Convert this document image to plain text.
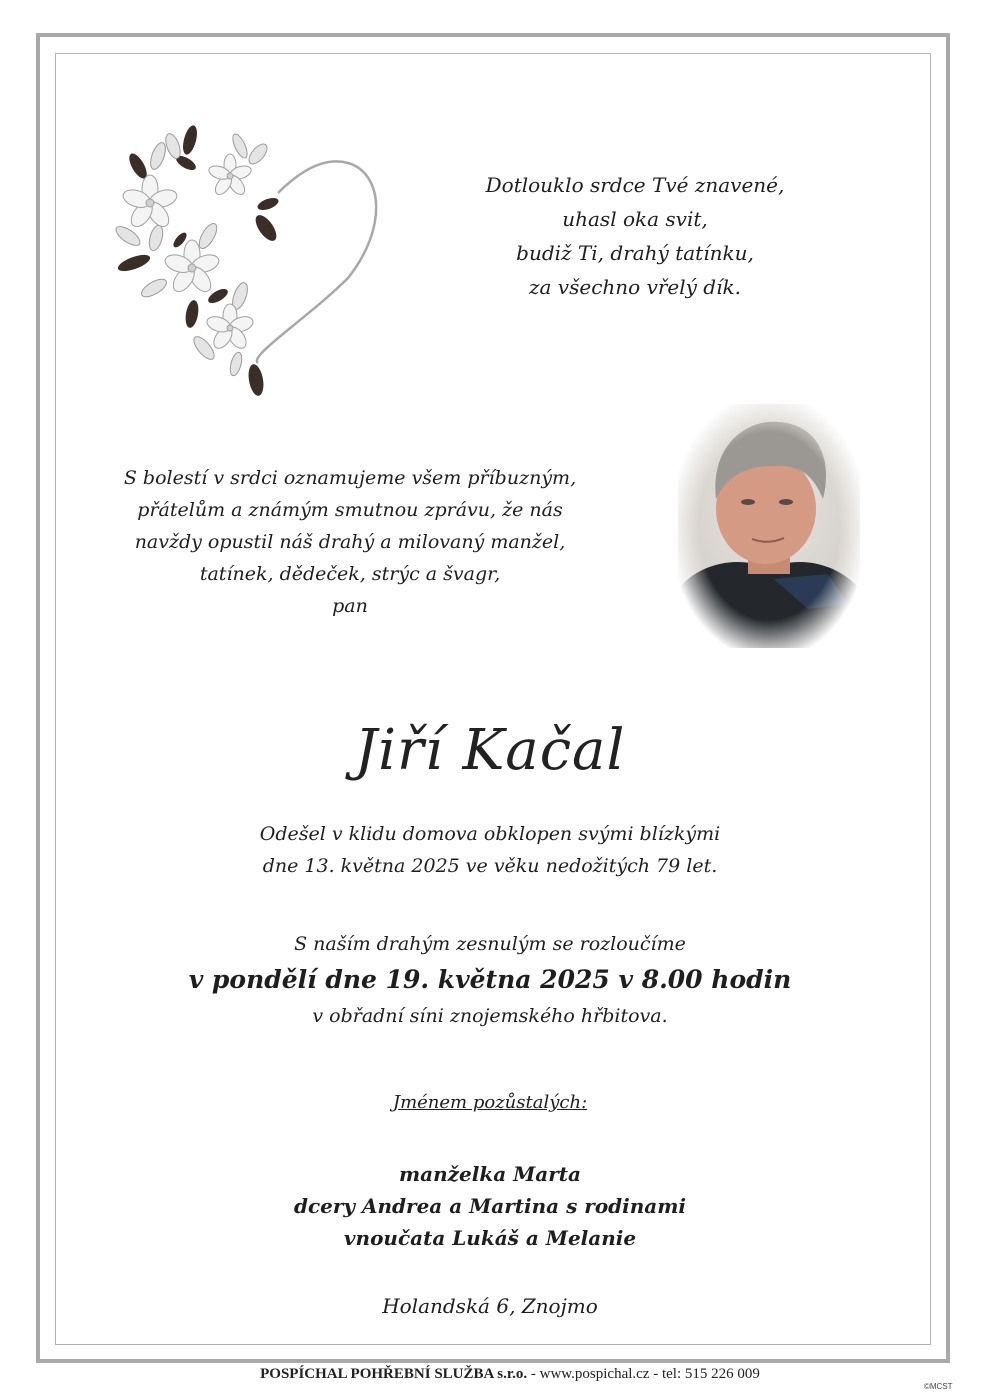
Dotlouklo srdce Tvé znavené,
uhasl oka svit,
budiž Ti, drahý tatínku,
za všechno vřelý dík.
S bolestí v srdci oznamujeme všem příbuzným,
přátelům a známým smutnou zprávu, že nás
navždy opustil náš drahý a milovaný manžel,
tatínek, dědeček, strýc a švagr,
pan
Jiří Kačal
Odešel v klidu domova obklopen svými blízkými
dne 13. května 2025 ve věku nedožitých 79 let.
S naším drahým zesnulým se rozloučíme
v pondělí dne 19. května 2025 v 8.00 hodin
v obřadní síni znojemského hřbitova.
Jménem pozůstalých:
manželka Marta
dcery Andrea a Martina s rodinami
vnoučata Lukáš a Melanie
Holandská 6, Znojmo
POSPÍCHAL POHŘEBNÍ SLUŽBA s.r.o. - www.pospichal.cz - tel: 515 226 009
©MCST
